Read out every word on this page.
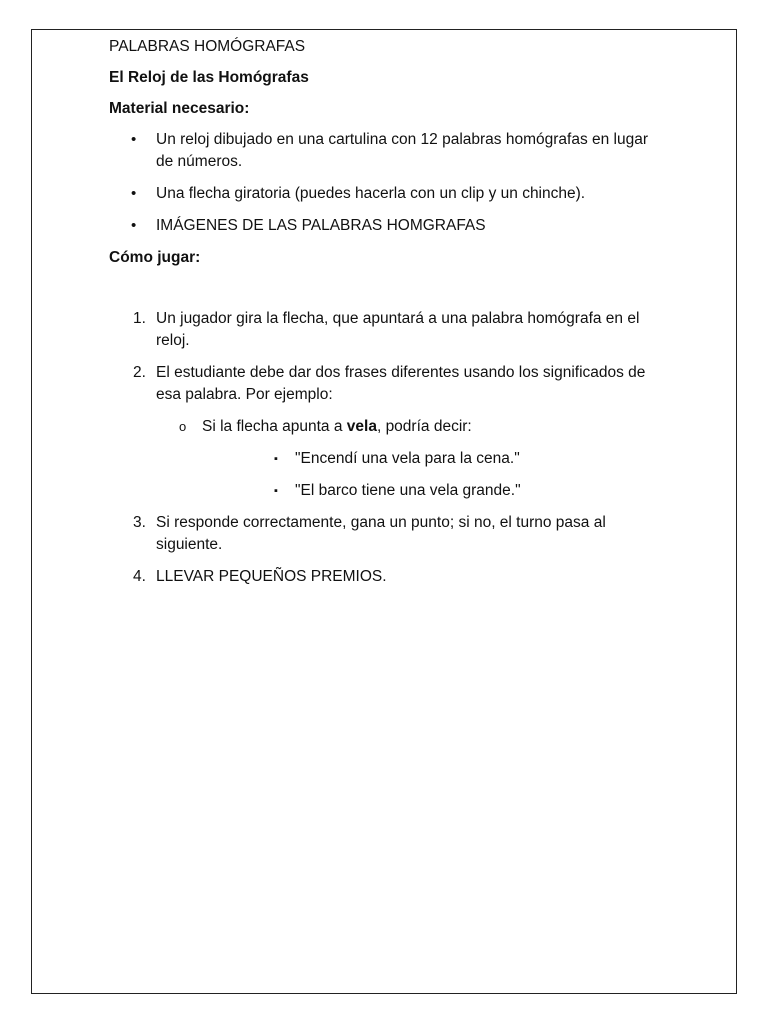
PALABRAS HOMÓGRAFAS

El Reloj de las Homógrafas

Material necesario:

• Un reloj dibujado en una cartulina con 12 palabras homógrafas en lugar de números.
• Una flecha giratoria (puedes hacerla con un clip y un chinche).
• IMÁGENES DE LAS PALABRAS HOMGRAFAS

Cómo jugar:

1. Un jugador gira la flecha, que apuntará a una palabra homógrafa en el reloj.
2. El estudiante debe dar dos frases diferentes usando los significados de esa palabra. Por ejemplo:
o Si la flecha apunta a vela, podría decir:
▪ "Encendí una vela para la cena."
▪ "El barco tiene una vela grande."
3. Si responde correctamente, gana un punto; si no, el turno pasa al siguiente.
4. LLEVAR PEQUEÑOS PREMIOS.
